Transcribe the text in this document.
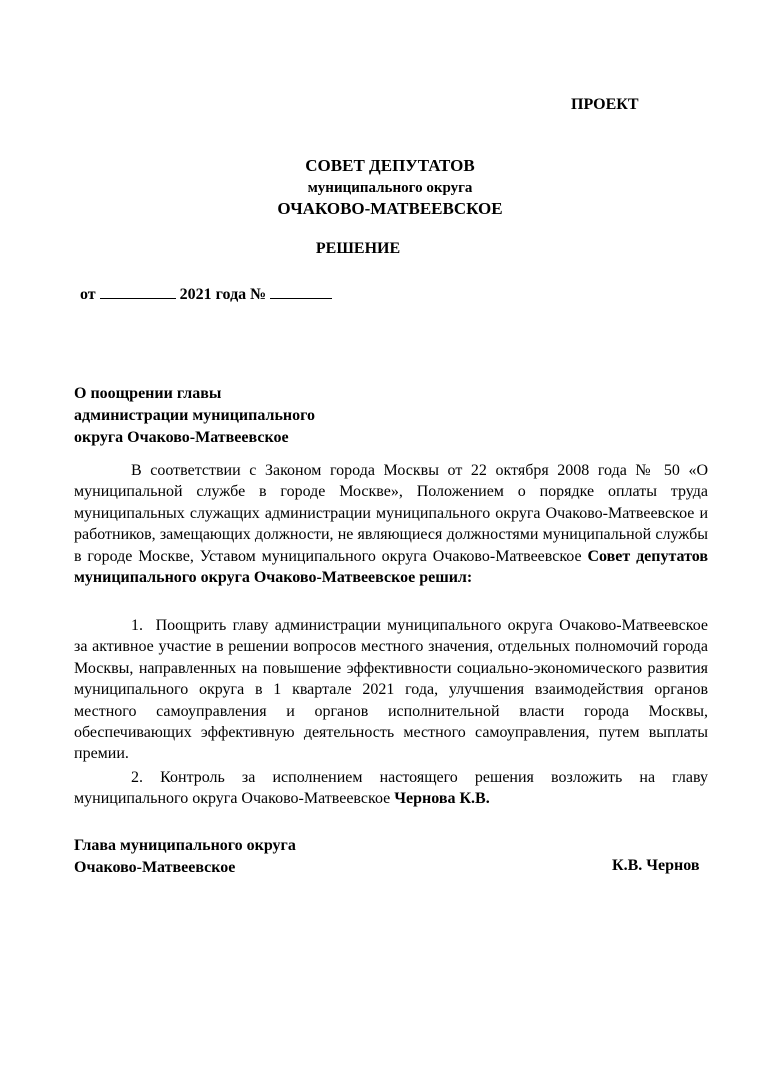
ПРОЕКТ
СОВЕТ ДЕПУТАТОВ
муниципального округа
ОЧАКОВО-МАТВЕЕВСКОЕ
РЕШЕНИЕ
от	2021 года №
О поощрении главы
администрации муниципального
округа Очаково-Матвеевское
В соответствии с Законом города Москвы от 22 октября 2008 года № 50 «О муниципальной службе в городе Москве», Положением о порядке оплаты труда муниципальных служащих администрации муниципального округа Очаково-Матвеевское и работников, замещающих должности, не являющиеся должностями муниципальной службы в городе Москве, Уставом муниципального округа Очаково-Матвеевское Совет депутатов муниципального округа Очаково-Матвеевское решил:
1. Поощрить главу администрации муниципального округа Очаково-Матвеевское за активное участие в решении вопросов местного значения, отдельных полномочий города Москвы, направленных на повышение эффективности социально-экономического развития муниципального округа в 1 квартале 2021 года, улучшения взаимодействия органов местного самоуправления и органов исполнительной власти города Москвы, обеспечивающих эффективную деятельность местного самоуправления, путем выплаты премии.
2. Контроль за исполнением настоящего решения возложить на главу муниципального округа Очаково-Матвеевское Чернова К.В.
Глава муниципального округа
Очаково-Матвеевское	К.В. Чернов
